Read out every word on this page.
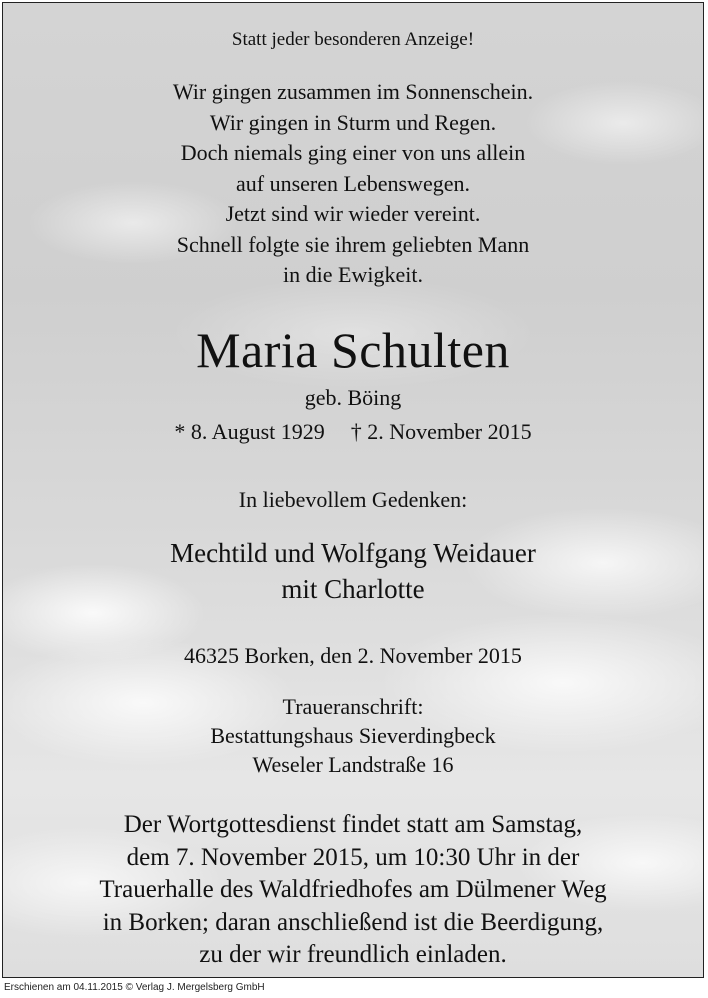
Statt jeder besonderen Anzeige!
Wir gingen zusammen im Sonnenschein.
Wir gingen in Sturm und Regen.
Doch niemals ging einer von uns allein
auf unseren Lebenswegen.
Jetzt sind wir wieder vereint.
Schnell folgte sie ihrem geliebten Mann
in die Ewigkeit.
Maria Schulten
geb. Böing
* 8. August 1929 † 2. November 2015
In liebevollem Gedenken:
Mechtild und Wolfgang Weidauer
mit Charlotte
46325 Borken, den 2. November 2015
Traueranschrift:
Bestattungshaus Sieverdingbeck
Weseler Landstraße 16
Der Wortgottesdienst findet statt am Samstag,
dem 7. November 2015, um 10:30 Uhr in der
Trauerhalle des Waldfriedhofes am Dülmener Weg
in Borken; daran anschließend ist die Beerdigung,
zu der wir freundlich einladen.
Erschienen am 04.11.2015 © Verlag J. Mergelsberg GmbH
